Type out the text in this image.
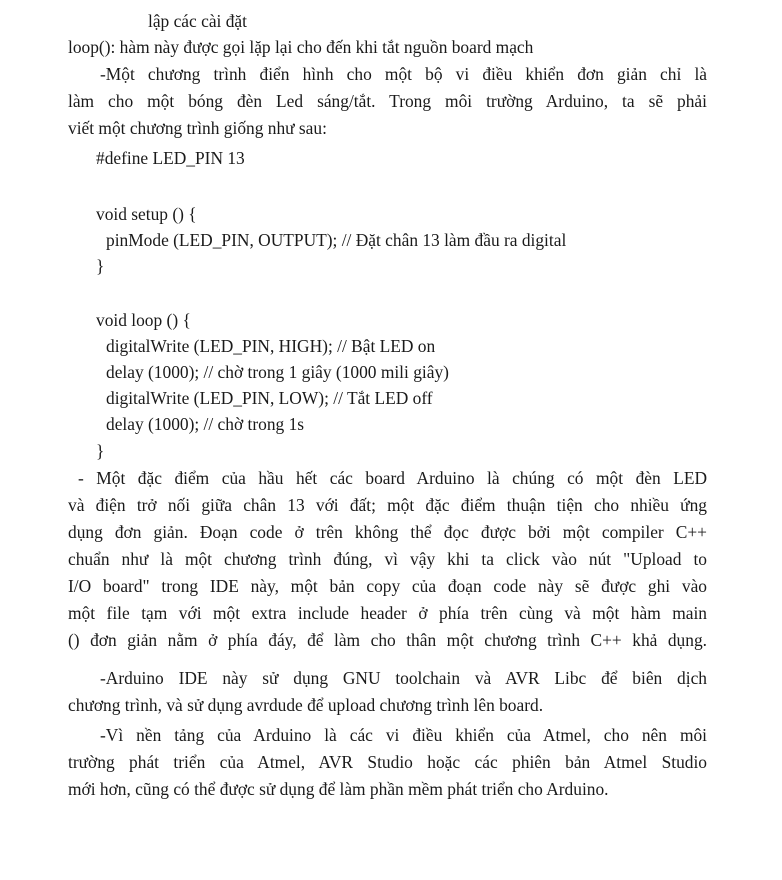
lập các cài đặt
loop(): hàm này được gọi lặp lại cho đến khi tắt nguồn board mạch
-Một chương trình điển hình cho một bộ vi điều khiển đơn giản chỉ là
làm cho một bóng đèn Led sáng/tắt. Trong môi trường Arduino, ta sẽ phải
viết một chương trình giống như sau:
#define LED_PIN 13
void setup () {
pinMode (LED_PIN, OUTPUT); // Đặt chân 13 làm đầu ra digital
}
void loop () {
digitalWrite (LED_PIN, HIGH); // Bật LED on
delay (1000); // chờ trong 1 giây (1000 mili giây)
digitalWrite (LED_PIN, LOW); // Tắt LED off
delay (1000); // chờ trong 1s
}
- Một đặc điểm của hầu hết các board Arduino là chúng có một đèn LED
và điện trở nối giữa chân 13 với đất; một đặc điểm thuận tiện cho nhiều ứng
dụng đơn giản. Đoạn code ở trên không thể đọc được bởi một compiler C++
chuẩn như là một chương trình đúng, vì vậy khi ta click vào nút "Upload to
I/O board" trong IDE này, một bản copy của đoạn code này sẽ được ghi vào
một file tạm với một extra include header ở phía trên cùng và một hàm main
() đơn giản nằm ở phía đáy, để làm cho thân một chương trình C++ khả dụng.
-Arduino IDE này sử dụng GNU toolchain và AVR Libc để biên dịch
chương trình, và sử dụng avrdude để upload chương trình lên board.
-Vì nền tảng của Arduino là các vi điều khiển của Atmel, cho nên môi
trường phát triển của Atmel, AVR Studio hoặc các phiên bản Atmel Studio
mới hơn, cũng có thể được sử dụng để làm phần mềm phát triển cho Arduino.
